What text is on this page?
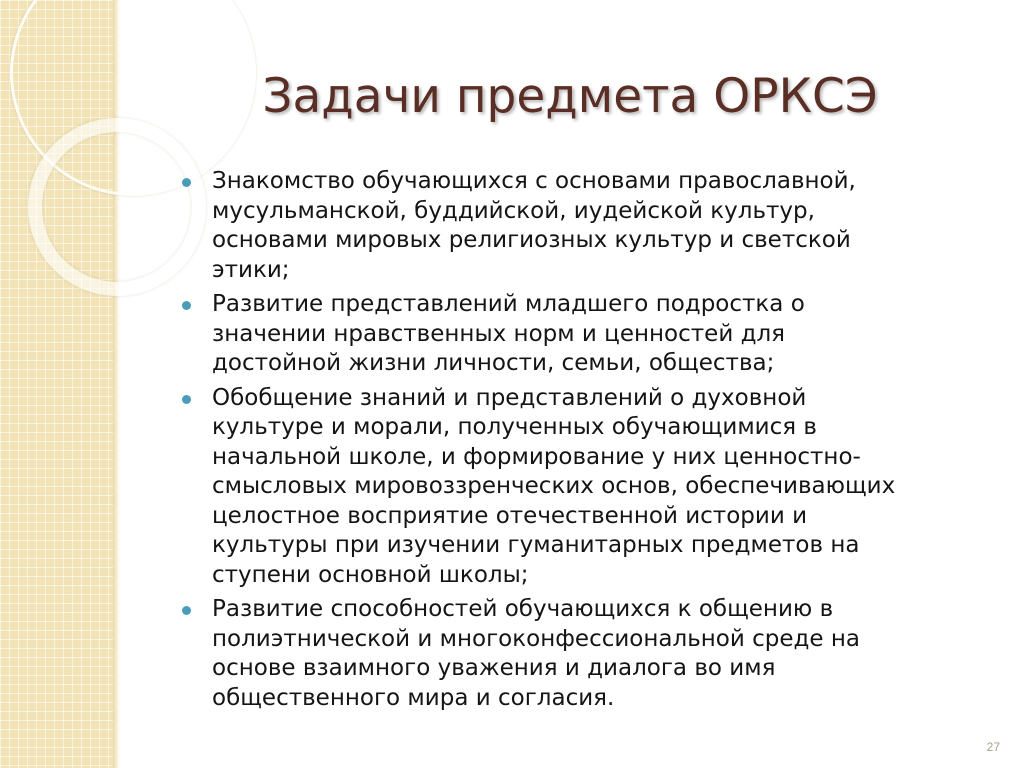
Задачи предмета ОРКСЭ
Знакомство обучающихся с основами православной,
мусульманской, буддийской, иудейской культур,
основами мировых религиозных культур и светской
этики;
Развитие представлений младшего подростка о
значении нравственных норм и ценностей для
достойной жизни личности, семьи, общества;
Обобщение знаний и представлений о духовной
культуре и морали, полученных обучающимися в
начальной школе, и формирование у них ценностно-
смысловых мировоззренческих основ, обеспечивающих
целостное восприятие отечественной истории и
культуры при изучении гуманитарных предметов на
ступени основной школы;
Развитие способностей обучающихся к общению в
полиэтнической и многоконфессиональной среде на
основе взаимного уважения и диалога во имя
общественного мира и согласия.
27
